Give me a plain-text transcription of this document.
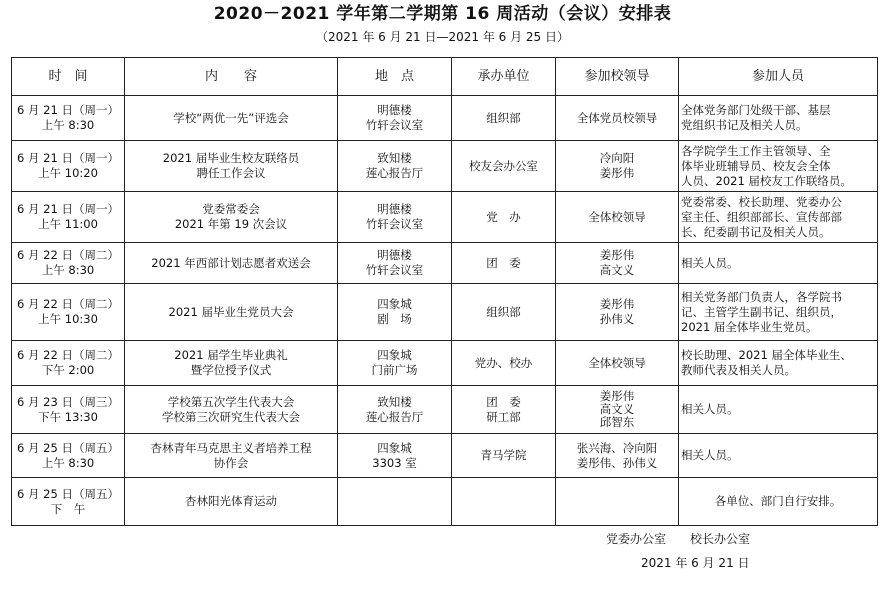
2020－2021 学年第二学期第 16 周活动（会议）安排表
（2021 年 6 月 21 日—2021 年 6 月 25 日）
时　间	内　　容	地　点	承办单位	参加校领导	参加人员

6 月 21 日（周一）
上午 8:30	学校“两优一先”评选会	明德楼
竹轩会议室	组织部	全体党员校领导	全体党务部门处级干部、基层
党组织书记及相关人员。

6 月 21 日（周一）
上午 10:20	2021 届毕业生校友联络员
聘任工作会议	致知楼
莲心报告厅	校友会办公室	冷向阳
姜彤伟	各学院学生工作主管领导、全
体毕业班辅导员、校友会全体
人员、2021 届校友工作联络员。

6 月 21 日（周一）
上午 11:00	党委常委会
2021 年第 19 次会议	明德楼
竹轩会议室	党　办	全体校领导	党委常委、校长助理、党委办公
室主任、组织部部长、宣传部部
长、纪委副书记及相关人员。

6 月 22 日（周二）
上午 8:30	2021 年西部计划志愿者欢送会	明德楼
竹轩会议室	团　委	姜彤伟
高文义	相关人员。

6 月 22 日（周二）
上午 10:30	2021 届毕业生党员大会	四象城
剧　场	组织部	姜彤伟
孙伟义	相关党务部门负责人，各学院书
记、主管学生副书记、组织员，
2021 届全体毕业生党员。

6 月 22 日（周二）
下午 2:00	2021 届学生毕业典礼
暨学位授予仪式	四象城
门前广场	党办、校办	全体校领导	校长助理、2021 届全体毕业生、
教师代表及相关人员。

6 月 23 日（周三）
下午 13:30	学校第五次学生代表大会
学校第三次研究生代表大会	致知楼
莲心报告厅	团　委
研工部	姜彤伟
高文义
邱智东	相关人员。

6 月 25 日（周五）
上午 8:30	杏林青年马克思主义者培养工程
协作会	四象城
3303 室	青马学院	张兴海、冷向阳
姜彤伟、孙伟义	相关人员。

6 月 25 日（周五）
下　午	杏林阳光体育运动				各单位、部门自行安排。
党委办公室　　校长办公室
2021 年 6 月 21 日
